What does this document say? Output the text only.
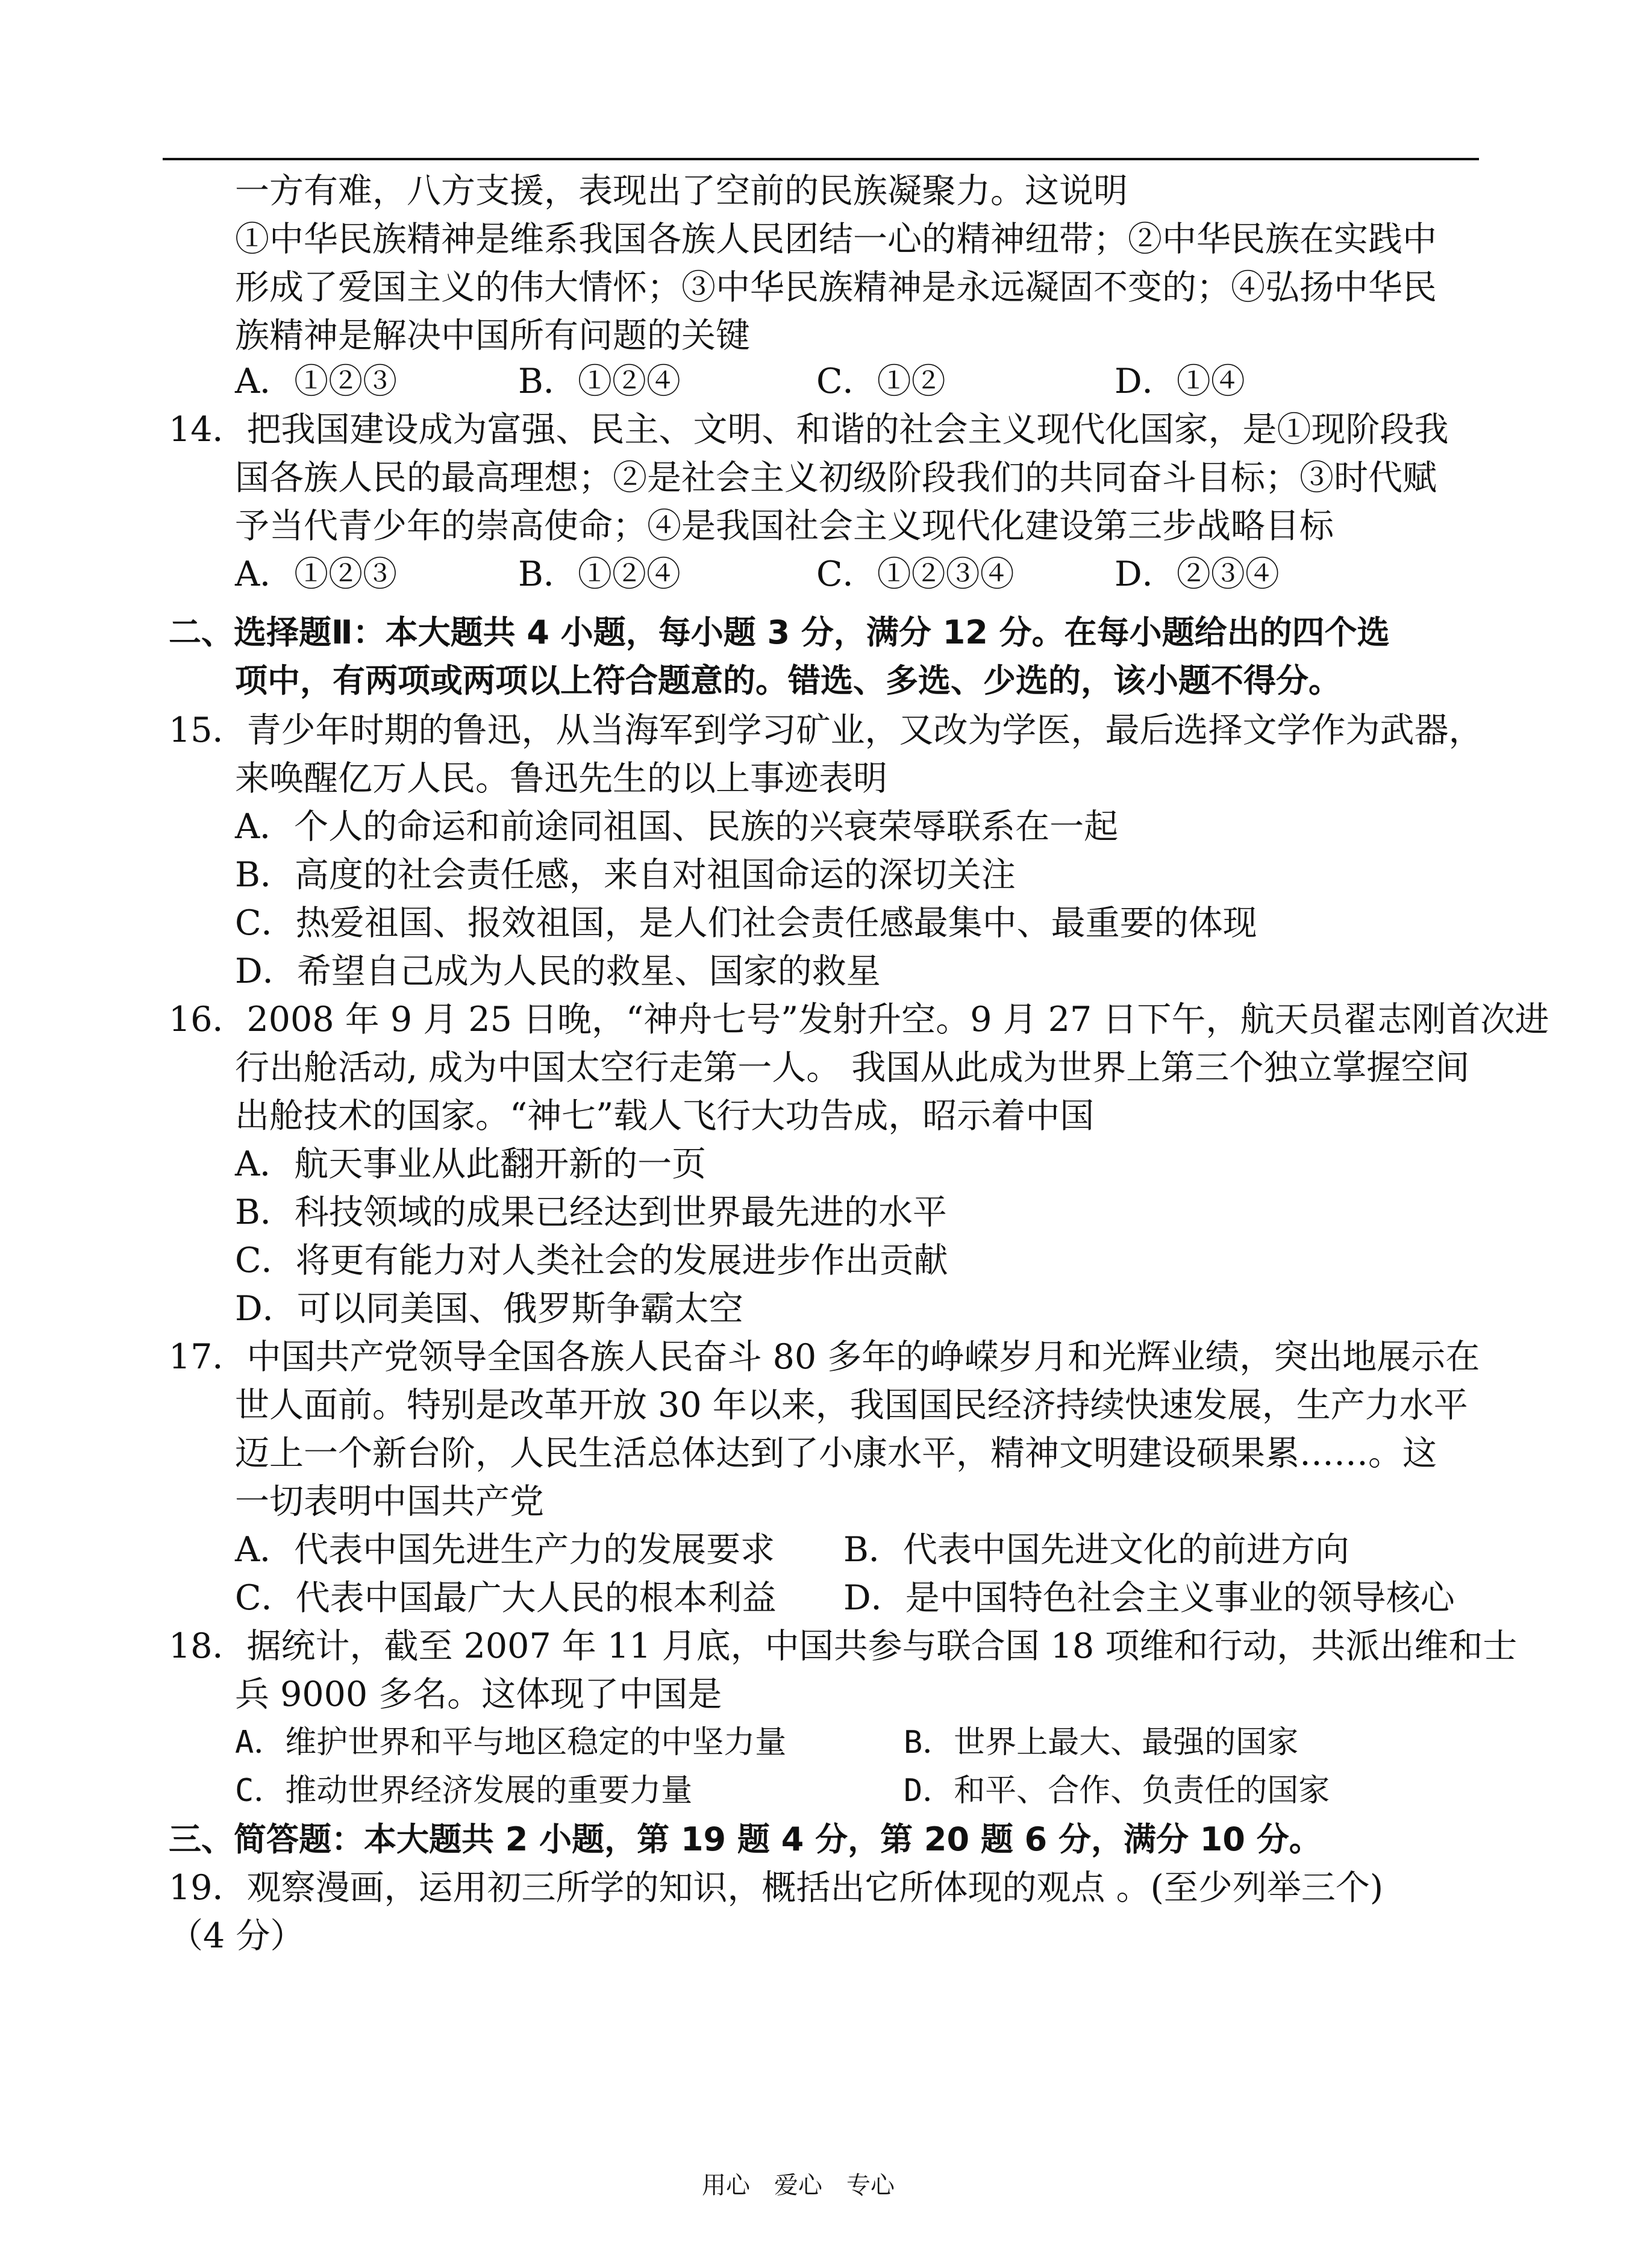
一方有难，八方支援，表现出了空前的民族凝聚力。这说明
①中华民族精神是维系我国各族人民团结一心的精神纽带；②中华民族在实践中
形成了爱国主义的伟大情怀；③中华民族精神是永远凝固不变的；④弘扬中华民
族精神是解决中国所有问题的关键
A．①②③	B．①②④	C．①②	D．①④
14．把我国建设成为富强、民主、文明、和谐的社会主义现代化国家，是①现阶段我
国各族人民的最高理想；②是社会主义初级阶段我们的共同奋斗目标；③时代赋
予当代青少年的崇高使命；④是我国社会主义现代化建设第三步战略目标
A．①②③	B．①②④	C．①②③④	D．②③④
二、选择题Ⅱ：本大题共 4 小题，每小题 3 分，满分 12 分。在每小题给出的四个选
项中，有两项或两项以上符合题意的。错选、多选、少选的，该小题不得分。
15．青少年时期的鲁迅，从当海军到学习矿业，又改为学医，最后选择文学作为武器，
来唤醒亿万人民。鲁迅先生的以上事迹表明
A．个人的命运和前途同祖国、民族的兴衰荣辱联系在一起
B．高度的社会责任感，来自对祖国命运的深切关注
C．热爱祖国、报效祖国，是人们社会责任感最集中、最重要的体现
D．希望自己成为人民的救星、国家的救星
16．2008 年 9 月 25 日晚，“神舟七号”发射升空。9 月 27 日下午，航天员翟志刚首次进
行出舱活动, 成为中国太空行走第一人。 我国从此成为世界上第三个独立掌握空间
出舱技术的国家。“神七”载人飞行大功告成，昭示着中国
A．航天事业从此翻开新的一页
B．科技领域的成果已经达到世界最先进的水平
C．将更有能力对人类社会的发展进步作出贡献
D．可以同美国、俄罗斯争霸太空
17．中国共产党领导全国各族人民奋斗 80 多年的峥嵘岁月和光辉业绩，突出地展示在
世人面前。特别是改革开放 30 年以来，我国国民经济持续快速发展，生产力水平
迈上一个新台阶，人民生活总体达到了小康水平，精神文明建设硕果累……。这
一切表明中国共产党
A．代表中国先进生产力的发展要求 B．代表中国先进文化的前进方向
C．代表中国最广大人民的根本利益 D．是中国特色社会主义事业的领导核心
18．据统计，截至 2007 年 11 月底，中国共参与联合国 18 项维和行动，共派出维和士
兵 9000 多名。这体现了中国是
A．维护世界和平与地区稳定的中坚力量	B．世界上最大、最强的国家
C．推动世界经济发展的重要力量	D．和平、合作、负责任的国家
三、简答题：本大题共 2 小题，第 19 题 4 分，第 20 题 6 分，满分 10 分。
19．观察漫画，运用初三所学的知识，概括出它所体现的观点 。(至少列举三个)
（4 分）
用心　爱心　专心
